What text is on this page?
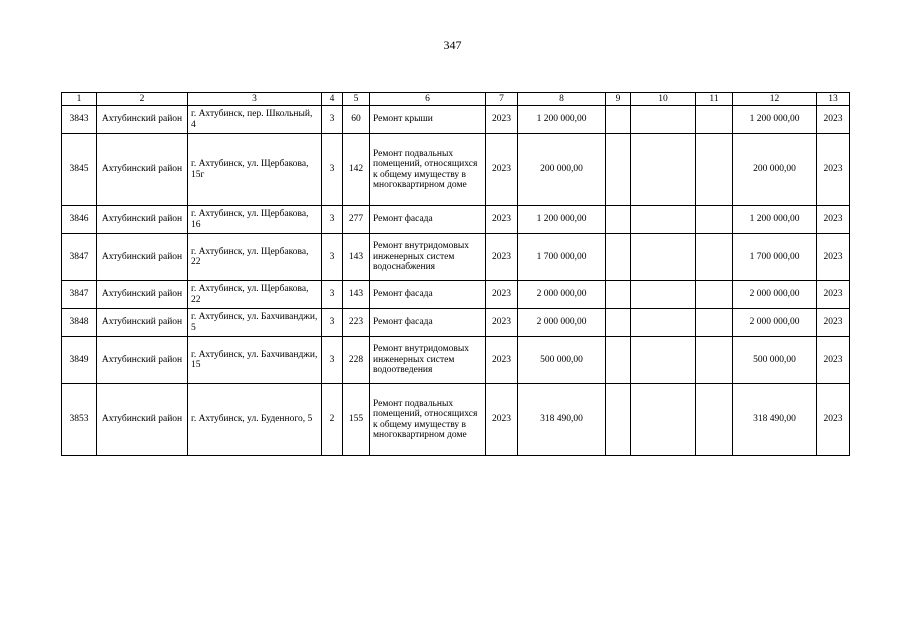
347
1	2	3	4	5	6	7	8	9	10	11	12	13
3843	Ахтубинский район	г. Ахтубинск, пер. Школьный, 4	3	60	Ремонт крыши	2023	1 200 000,00				1 200 000,00	2023
3845	Ахтубинский район	г. Ахтубинск, ул. Щербакова, 15г	3	142	Ремонт подвальных помещений, относящихся к общему имуществу в многоквартирном доме	2023	200 000,00				200 000,00	2023
3846	Ахтубинский район	г. Ахтубинск, ул. Щербакова, 16	3	277	Ремонт фасада	2023	1 200 000,00				1 200 000,00	2023
3847	Ахтубинский район	г. Ахтубинск, ул. Щербакова, 22	3	143	Ремонт внутридомовых инженерных систем водоснабжения	2023	1 700 000,00				1 700 000,00	2023
3847	Ахтубинский район	г. Ахтубинск, ул. Щербакова, 22	3	143	Ремонт фасада	2023	2 000 000,00				2 000 000,00	2023
3848	Ахтубинский район	г. Ахтубинск, ул. Бахчиванджи, 5	3	223	Ремонт фасада	2023	2 000 000,00				2 000 000,00	2023
3849	Ахтубинский район	г. Ахтубинск, ул. Бахчиванджи, 15	3	228	Ремонт внутридомовых инженерных систем водоотведения	2023	500 000,00				500 000,00	2023
3853	Ахтубинский район	г. Ахтубинск, ул. Буденного, 5	2	155	Ремонт подвальных помещений, относящихся к общему имуществу в многоквартирном доме	2023	318 490,00				318 490,00	2023
